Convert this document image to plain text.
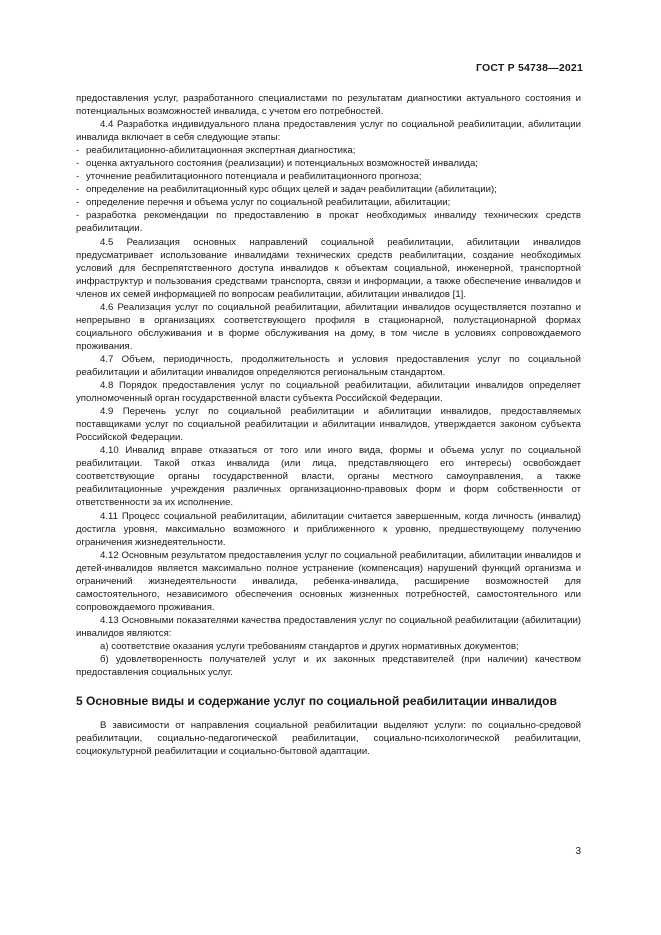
ГОСТ Р 54738—2021

предоставления услуг, разработанного специалистами по результатам диагностики актуального состояния и потенциальных возможностей инвалида, с учетом его потребностей.

4.4 Разработка индивидуального плана предоставления услуг по социальной реабилитации, абилитации инвалида включает в себя следующие этапы:

- реабилитационно-абилитационная экспертная диагностика;
- оценка актуального состояния (реализации) и потенциальных возможностей инвалида;
- уточнение реабилитационного потенциала и реабилитационного прогноза;
- определение на реабилитационный курс общих целей и задач реабилитации (абилитации);
- определение перечня и объема услуг по социальной реабилитации, абилитации;
- разработка рекомендации по предоставлению в прокат необходимых инвалиду технических средств реабилитации.

4.5 Реализация основных направлений социальной реабилитации, абилитации инвалидов предусматривает использование инвалидами технических средств реабилитации, создание необходимых условий для беспрепятственного доступа инвалидов к объектам социальной, инженерной, транспортной инфраструктур и пользования средствами транспорта, связи и информации, а также обеспечение инвалидов и членов их семей информацией по вопросам реабилитации, абилитации инвалидов [1].

4.6 Реализация услуг по социальной реабилитации, абилитации инвалидов осуществляется поэтапно и непрерывно в организациях соответствующего профиля в стационарной, полустационарной формах социального обслуживания и в форме обслуживания на дому, в том числе в условиях сопровождаемого проживания.

4.7 Объем, периодичность, продолжительность и условия предоставления услуг по социальной реабилитации и абилитации инвалидов определяются региональным стандартом.

4.8 Порядок предоставления услуг по социальной реабилитации, абилитации инвалидов определяет уполномоченный орган государственной власти субъекта Российской Федерации.

4.9 Перечень услуг по социальной реабилитации и абилитации инвалидов, предоставляемых поставщиками услуг по социальной реабилитации и абилитации инвалидов, утверждается законом субъекта Российской Федерации.

4.10 Инвалид вправе отказаться от того или иного вида, формы и объема услуг по социальной реабилитации. Такой отказ инвалида (или лица, представляющего его интересы) освобождает соответствующие органы государственной власти, органы местного самоуправления, а также реабилитационные учреждения различных организационно-правовых форм и форм собственности от ответственности за их исполнение.

4.11 Процесс социальной реабилитации, абилитации считается завершенным, когда личность (инвалид) достигла уровня, максимально возможного и приближенного к уровню, предшествующему получению ограничения жизнедеятельности.

4.12 Основным результатом предоставления услуг по социальной реабилитации, абилитации инвалидов и детей-инвалидов является максимально полное устранение (компенсация) нарушений функций организма и ограничений жизнедеятельности инвалида, ребенка-инвалида, расширение возможностей для самостоятельного, независимого обеспечения основных жизненных потребностей, самостоятельного или сопровождаемого проживания.

4.13 Основными показателями качества предоставления услуг по социальной реабилитации (абилитации) инвалидов являются:

а) соответствие оказания услуги требованиям стандартов и других нормативных документов;

б) удовлетворенность получателей услуг и их законных представителей (при наличии) качеством предоставления социальных услуг.

5 Основные виды и содержание услуг по социальной реабилитации инвалидов

В зависимости от направления социальной реабилитации выделяют услуги: по социально-средовой реабилитации, социально-педагогической реабилитации, социально-психологической реабилитации, социокультурной реабилитации и социально-бытовой адаптации.

3
